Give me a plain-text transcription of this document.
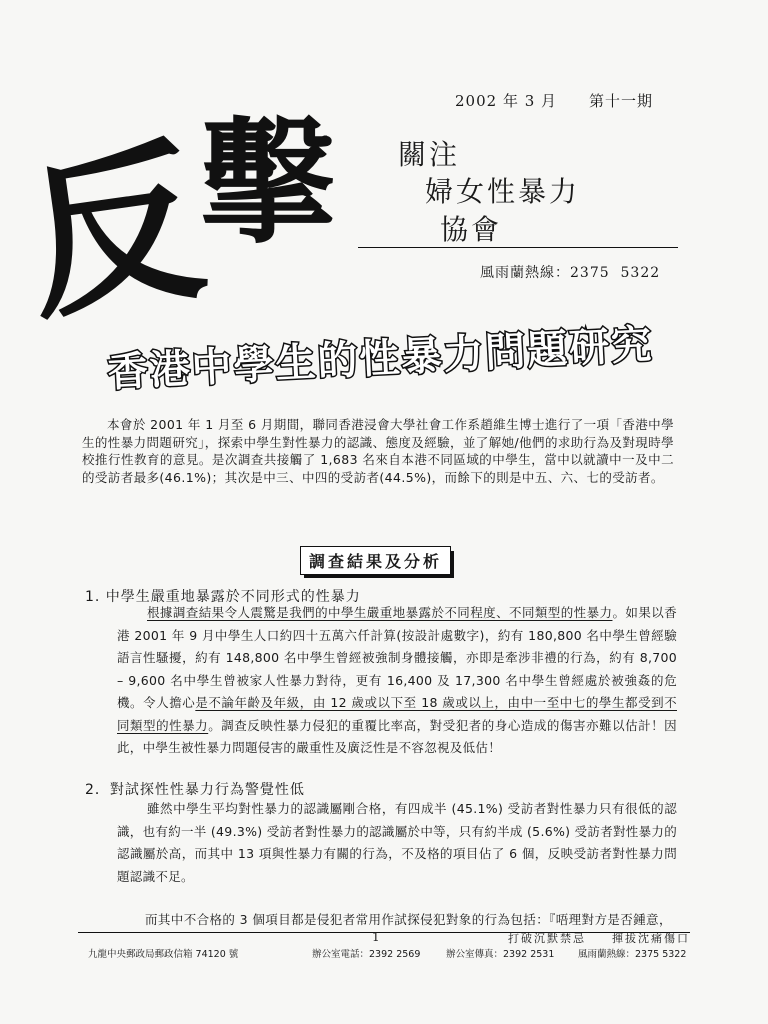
2002 年 3 月　　第十一期
反
擊 關注
婦女性暴力
協會
風雨蘭熱線：2375  5322
香港中學生的性暴力問題研究
本會於 2001 年 1 月至 6 月期間，聯同香港浸會大學社會工作系趙維生博士進行了一項「香港中學生的性暴力問題研究」，探索中學生對性暴力的認識、態度及經驗，並了解她/他們的求助行為及對現時學校推行性教育的意見。是次調查共接觸了 1,683 名來自本港不同區域的中學生，當中以就讀中一及中二的受訪者最多(46.1%)；其次是中三、中四的受訪者(44.5%)，而餘下的則是中五、六、七的受訪者。
調查結果及分析
1. 中學生嚴重地暴露於不同形式的性暴力
根據調查結果令人震驚是我們的中學生嚴重地暴露於不同程度、不同類型的性暴力。如果以香港 2001 年 9 月中學生人口約四十五萬六仟計算(按設計處數字)，約有 180,800 名中學生曾經驗語言性騷擾，約有 148,800 名中學生曾經被強制身體接觸，亦即是牽涉非禮的行為，約有 8,700 – 9,600 名中學生曾被家人性暴力對待，更有 16,400 及 17,300 名中學生曾經處於被強姦的危機。令人擔心是不論年齡及年級，由 12 歲或以下至 18 歲或以上，由中一至中七的學生都受到不同類型的性暴力。調查反映性暴力侵犯的重覆比率高，對受犯者的身心造成的傷害亦難以估計！因此，中學生被性暴力問題侵害的嚴重性及廣泛性是不容忽視及低估！
2．對試探性性暴力行為警覺性低
雖然中學生平均對性暴力的認識屬剛合格，有四成半 (45.1%) 受訪者對性暴力只有很低的認識，也有約一半 (49.3%) 受訪者對性暴力的認識屬於中等，只有約半成 (5.6%) 受訪者對性暴力的認識屬於高，而其中 13 項與性暴力有關的行為，不及格的項目佔了 6 個，反映受訪者對性暴力問題認識不足。
而其中不合格的 3 個項目都是侵犯者常用作試探侵犯對象的行為包括：『唔理對方是否鍾意，
1	打破沉默禁忌　　揮拔沈痛傷口
九龍中央郵政局郵政信箱 74120 號	辦公室電話：2392 2569	辦公室傳真：2392 2531 風雨蘭熱線：2375 5322
